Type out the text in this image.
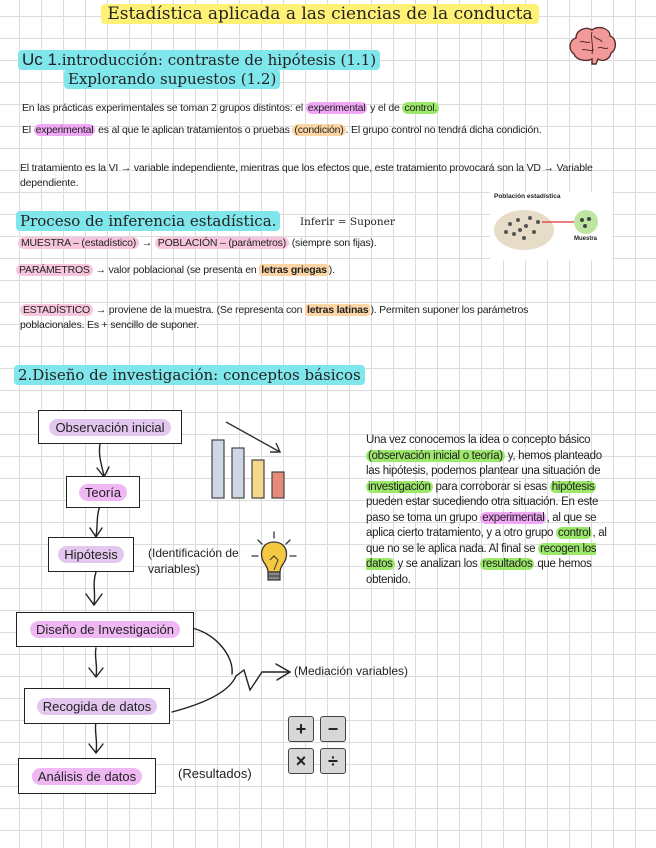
Estadística aplicada a las ciencias de la conducta
Uc 1.introducción: contraste de hipótesis (1.1)
Explorando supuestos (1.2)
En las prácticas experimentales se toman 2 grupos distintos: el experimental y el de control.
El experimental es al que le aplican tratamientos o pruebas (condición) . El grupo control no tendrá dicha condición.
El tratamiento es la VI → variable independiente, mientras que los efectos que, este tratamiento provocará son la VD → Variable dependiente.
Proceso de inferencia estadística.	Inferir = Suponer
MUESTRA – (estadístico) → POBLACIÓN – (parámetros) (siempre son fijas).
PARÁMETROS → valor poblacional (se presenta en letras griegas ).
ESTADÍSTICO → proviene de la muestra. (Se representa con letras latinas ). Permiten suponer los parámetros poblacionales. Es + sencillo de suponer.
Población estadística
Muestra
2.Diseño de investigación: conceptos básicos
Observación inicial
Teoría
Hipótesis
Diseño de Investigación
Recogida de datos
Análisis de datos
(Identificación de variables)
(Mediación variables)
(Resultados)
+	−
×	÷
Una vez conocemos la idea o concepto básico (observación inicial o teoría) y, hemos planteado las hipótesis, podemos plantear una situación de investigación para corroborar si esas hipótesis pueden estar sucediendo otra situación. En este paso se toma un grupo experimental , al que se aplica cierto tratamiento, y a otro grupo control , al que no se le aplica nada. Al final se recogen los datos y se analizan los resultados que hemos obtenido.
